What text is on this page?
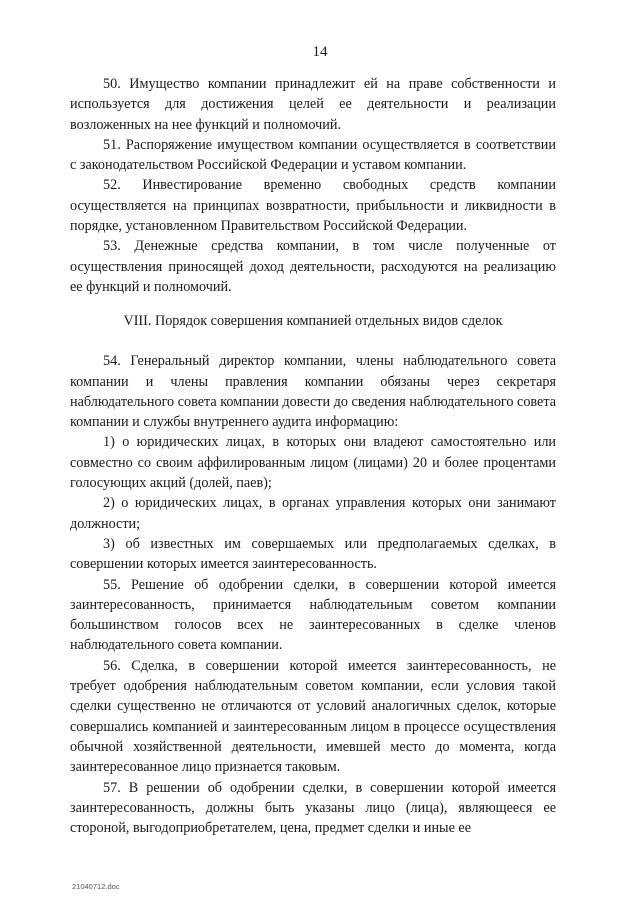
14

50. Имущество компании принадлежит ей на праве собственности и используется для достижения целей ее деятельности и реализации возложенных на нее функций и полномочий.

51. Распоряжение имуществом компании осуществляется в соответствии с законодательством Российской Федерации и уставом компании.

52. Инвестирование временно свободных средств компании осуществляется на принципах возвратности, прибыльности и ликвидности в порядке, установленном Правительством Российской Федерации.

53. Денежные средства компании, в том числе полученные от осуществления приносящей доход деятельности, расходуются на реализацию ее функций и полномочий.

VIII. Порядок совершения компанией отдельных видов сделок

54. Генеральный директор компании, члены наблюдательного совета компании и члены правления компании обязаны через секретаря наблюдательного совета компании довести до сведения наблюдательного совета компании и службы внутреннего аудита информацию:

1) о юридических лицах, в которых они владеют самостоятельно или совместно со своим аффилированным лицом (лицами) 20 и более процентами голосующих акций (долей, паев);

2) о юридических лицах, в органах управления которых они занимают должности;

3) об известных им совершаемых или предполагаемых сделках, в совершении которых имеется заинтересованность.

55. Решение об одобрении сделки, в совершении которой имеется заинтересованность, принимается наблюдательным советом компании большинством голосов всех не заинтересованных в сделке членов наблюдательного совета компании.

56. Сделка, в совершении которой имеется заинтересованность, не требует одобрения наблюдательным советом компании, если условия такой сделки существенно не отличаются от условий аналогичных сделок, которые совершались компанией и заинтересованным лицом в процессе осуществления обычной хозяйственной деятельности, имевшей место до момента, когда заинтересованное лицо признается таковым.

57. В решении об одобрении сделки, в совершении которой имеется заинтересованность, должны быть указаны лицо (лица), являющееся ее стороной, выгодоприобретателем, цена, предмет сделки и иные ее

21040712.doc
